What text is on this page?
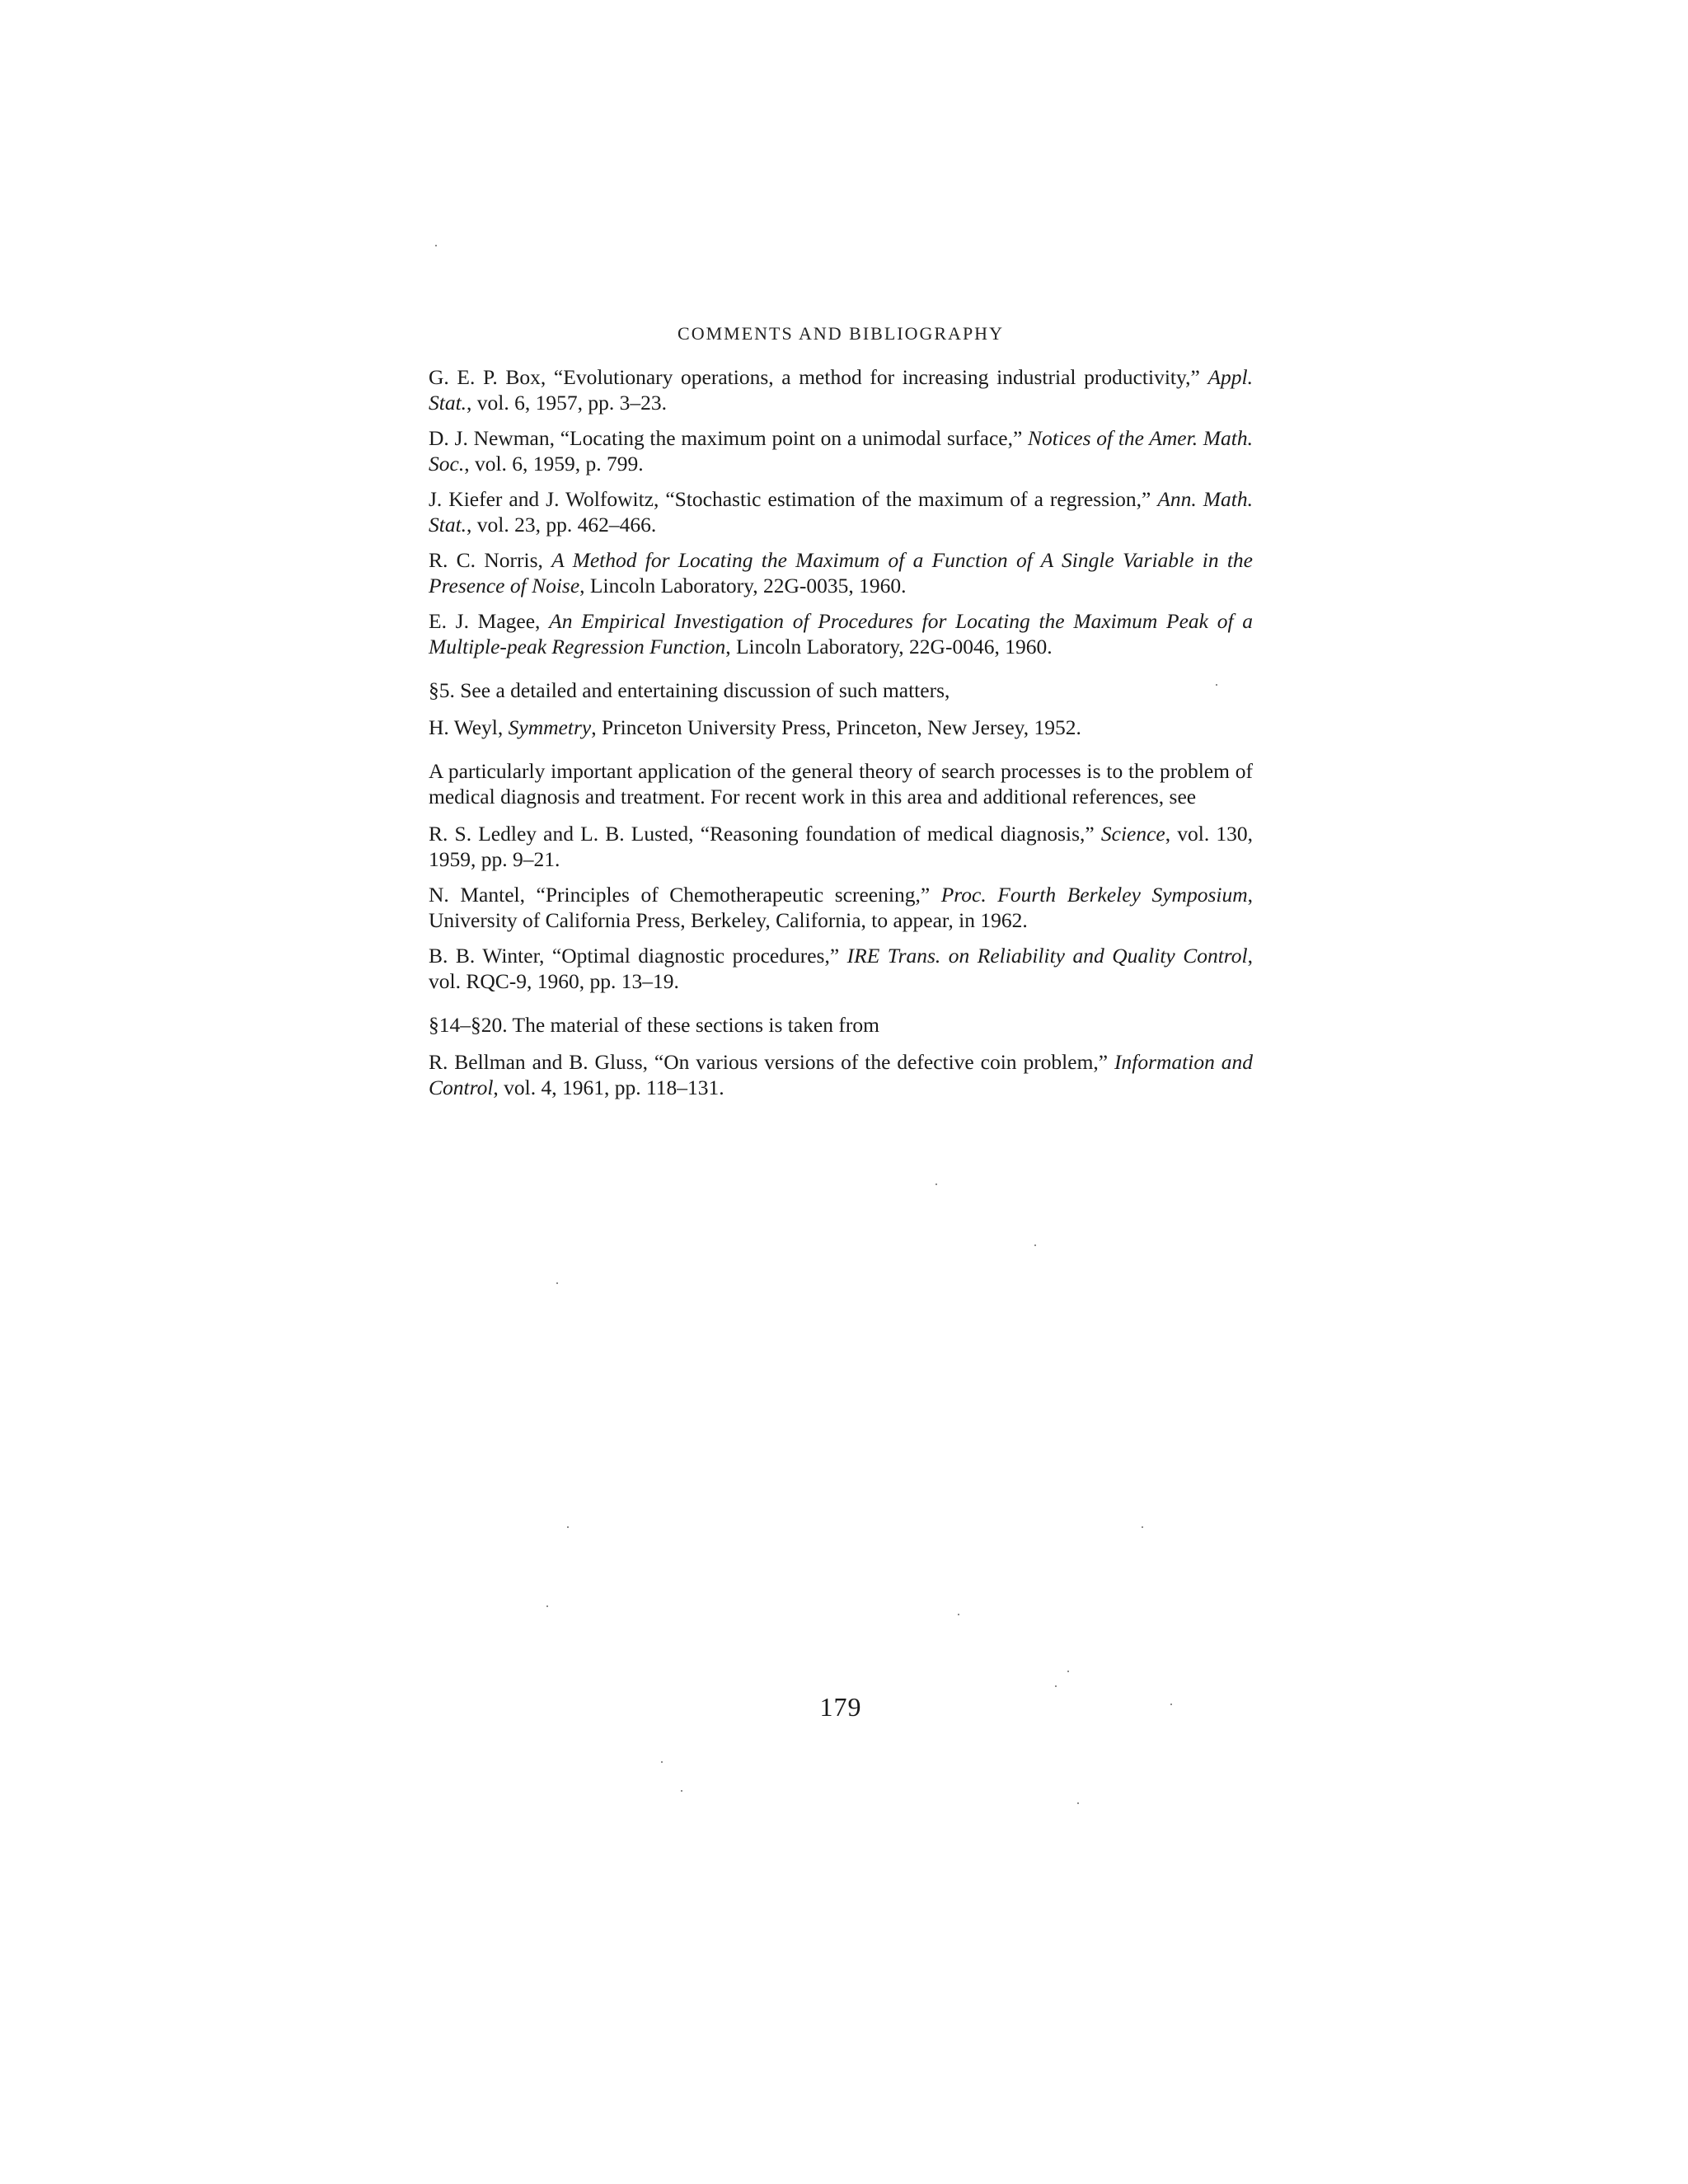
COMMENTS AND BIBLIOGRAPHY

G. E. P. Box, “Evolutionary operations, a method for increasing industrial productivity,” Appl. Stat., vol. 6, 1957, pp. 3–23.

D. J. Newman, “Locating the maximum point on a unimodal surface,” Notices of the Amer. Math. Soc., vol. 6, 1959, p. 799.

J. Kiefer and J. Wolfowitz, “Stochastic estimation of the maximum of a regression,” Ann. Math. Stat., vol. 23, pp. 462–466.

R. C. Norris, A Method for Locating the Maximum of a Function of A Single Variable in the Presence of Noise, Lincoln Laboratory, 22G-0035, 1960.

E. J. Magee, An Empirical Investigation of Procedures for Locating the Maximum Peak of a Multiple-peak Regression Function, Lincoln Laboratory, 22G-0046, 1960.

§5. See a detailed and entertaining discussion of such matters,

H. Weyl, Symmetry, Princeton University Press, Princeton, New Jersey, 1952.

A particularly important application of the general theory of search processes is to the problem of medical diagnosis and treatment. For recent work in this area and additional references, see

R. S. Ledley and L. B. Lusted, “Reasoning foundation of medical diagnosis,” Science, vol. 130, 1959, pp. 9–21.

N. Mantel, “Principles of Chemotherapeutic screening,” Proc. Fourth Berkeley Symposium, University of California Press, Berkeley, California, to appear, in 1962.

B. B. Winter, “Optimal diagnostic procedures,” IRE Trans. on Reliability and Quality Control, vol. RQC-9, 1960, pp. 13–19.

§14–§20. The material of these sections is taken from

R. Bellman and B. Gluss, “On various versions of the defective coin problem,” Information and Control, vol. 4, 1961, pp. 118–131.

179
